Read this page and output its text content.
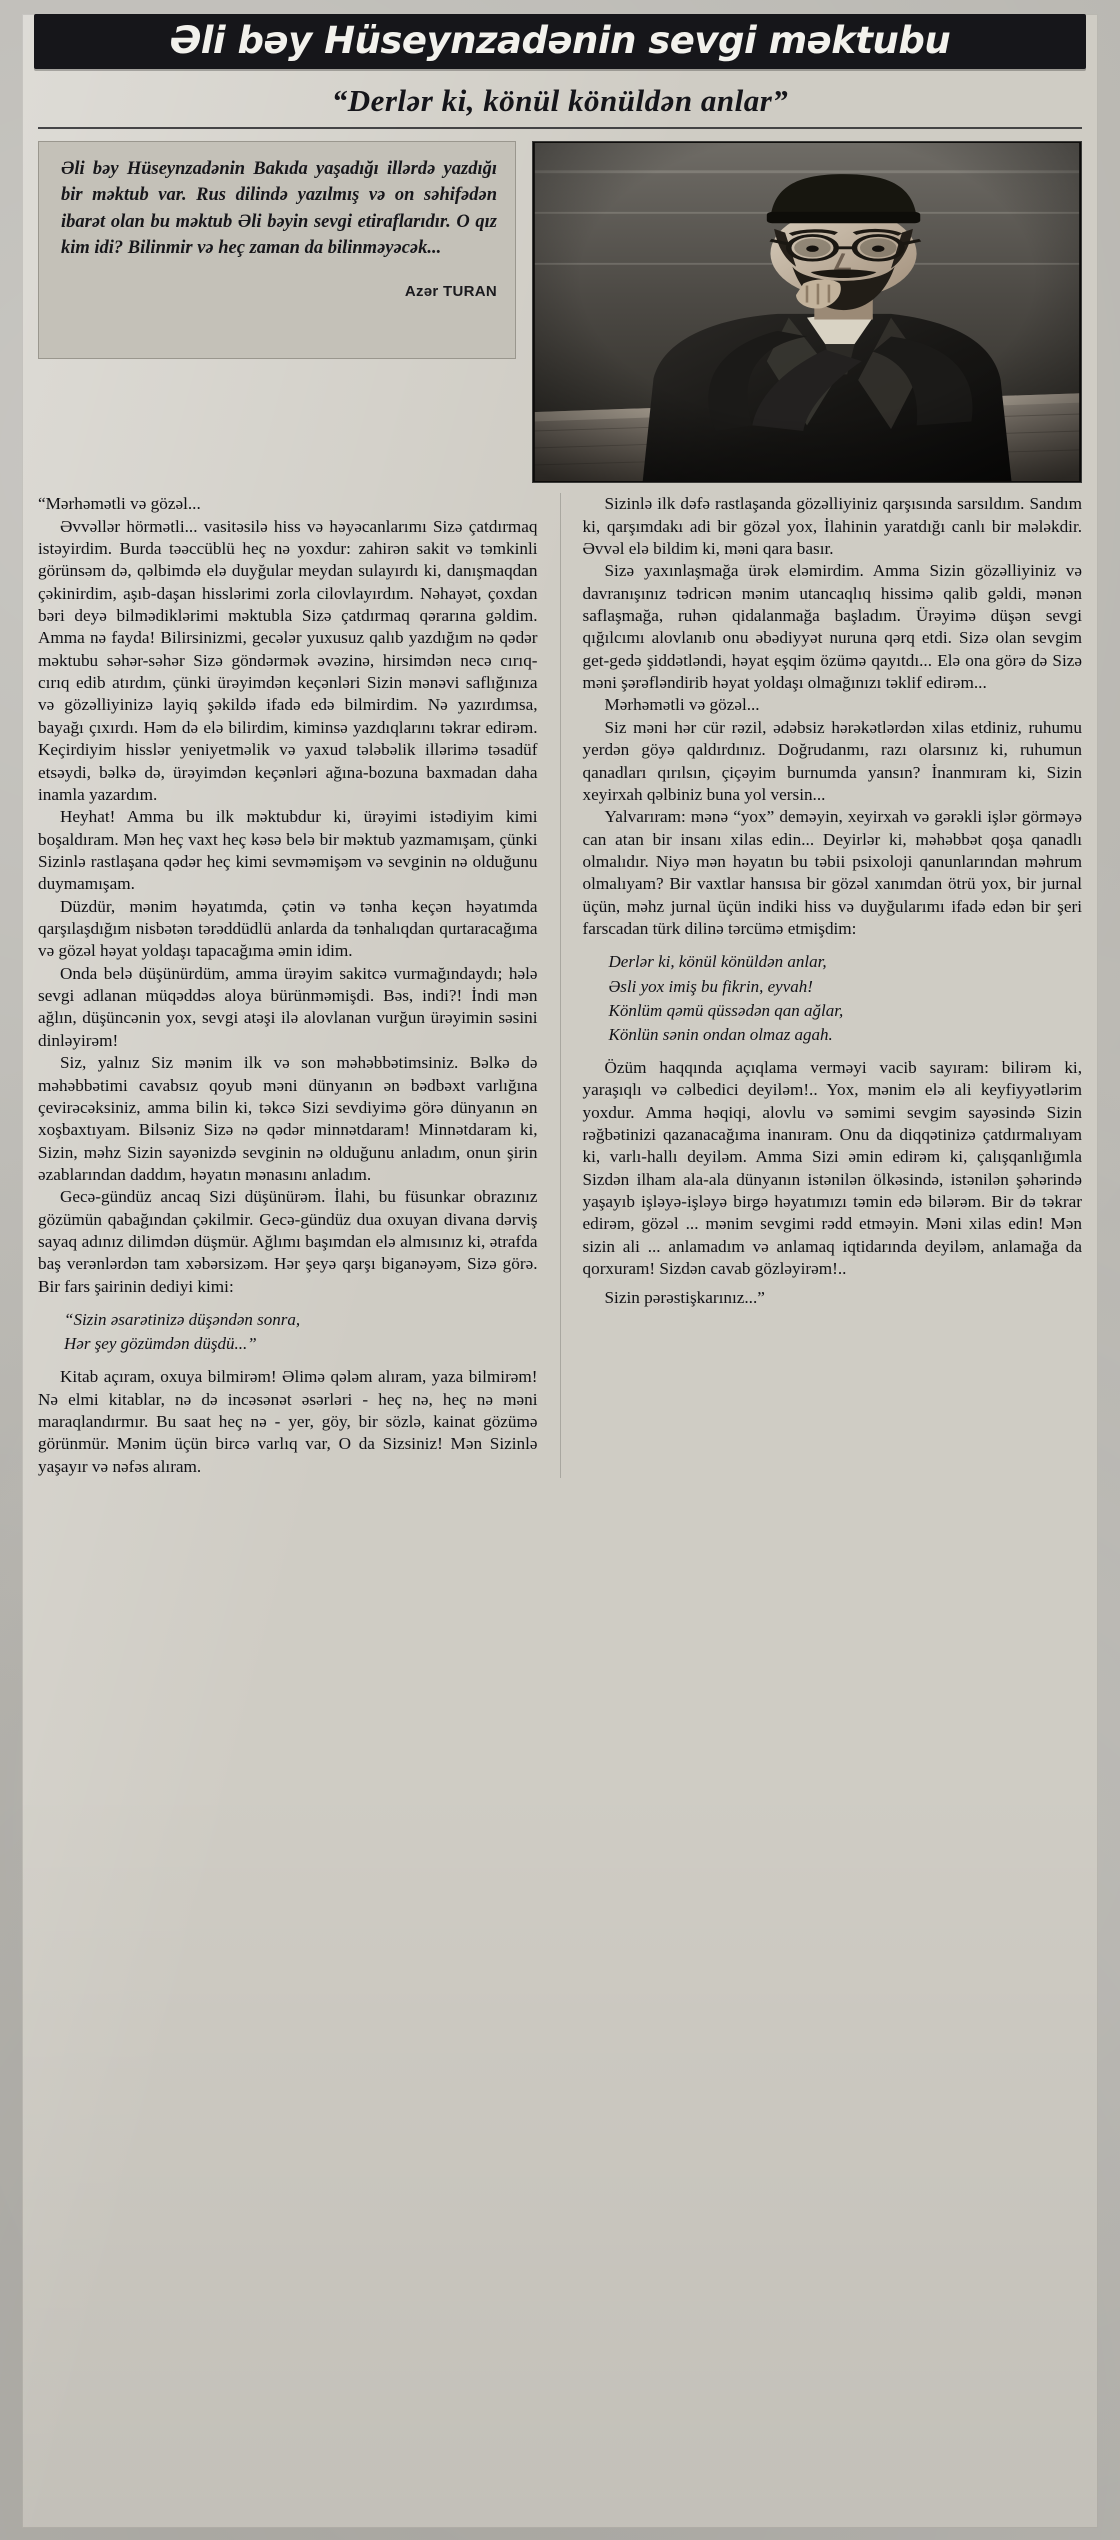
Əli bəy Hüseynzadənin sevgi məktubu
“Derlər ki, könül könüldən anlar”

Əli bəy Hüseynzadənin Bakıda yaşadığı illərdə yazdığı bir məktub var. Rus dilində yazılmış və on səhifədən ibarət olan bu məktub Əli bəyin sevgi etiraflarıdır. O qız kim idi? Bilinmir və heç zaman da bilinməyəcək...

Azər TURAN

“Mərhəmətli və gözəl...

Əvvəllər hörmətli... vasitəsilə hiss və həyəcanlarımı Sizə çatdırmaq istəyirdim. Burda təəccüblü heç nə yoxdur: zahirən sakit və təmkinli görünsəm də, qəlbimdə elə duyğular meydan sulayırdı ki, danışmaqdan çəkinirdim, aşıb-daşan hisslərimi zorla cilovlayırdım. Nəhayət, çoxdan bəri deyə bilmədiklərimi məktubla Sizə çatdırmaq qərarına gəldim. Amma nə fayda! Bilirsinizmi, gecələr yuxusuz qalıb yazdığım nə qədər məktubu səhər-səhər Sizə göndərmək əvəzinə, hirsimdən necə cırıq-cırıq edib atırdım, çünki ürəyimdən keçənləri Sizin mənəvi saflığınıza və gözəlliyinizə layiq şəkildə ifadə edə bilmirdim. Nə yazırdımsa, bayağı çıxırdı. Həm də elə bilirdim, kiminsə yazdıqlarını təkrar edirəm. Keçirdiyim hisslər yeniyetməlik və yaxud tələbəlik illərimə təsadüf etsəydi, bəlkə də, ürəyimdən keçənləri ağına-bozuna baxmadan daha inamla yazardım.

Heyhat! Amma bu ilk məktubdur ki, ürəyimi istədiyim kimi boşaldıram. Mən heç vaxt heç kəsə belə bir məktub yazmamışam, çünki Sizinlə rastlaşana qədər heç kimi sevməmişəm və sevginin nə olduğunu duymamışam.

Düzdür, mənim həyatımda, çətin və tənha keçən həyatımda qarşılaşdığım nisbətən tərəddüdlü anlarda da tənhalıqdan qurtaracağıma və gözəl həyat yoldaşı tapacağıma əmin idim.

Onda belə düşünürdüm, amma ürəyim sakitcə vurmağındaydı; hələ sevgi adlanan müqəddəs aloya bürünməmişdi. Bəs, indi?! İndi mən ağlın, düşüncənin yox, sevgi atəşi ilə alovlanan vurğun ürəyimin səsini dinləyirəm!

Siz, yalnız Siz mənim ilk və son məhəbbətimsiniz. Bəlkə də məhəbbətimi cavabsız qoyub məni dünyanın ən bədbəxt varlığına çevirəcəksiniz, amma bilin ki, təkcə Sizi sevdiyimə görə dünyanın ən xoşbaxtıyam. Bilsəniz Sizə nə qədər minnətdaram! Minnətdaram ki, Sizin, məhz Sizin sayənizdə sevginin nə olduğunu anladım, onun şirin əzablarından daddım, həyatın mənasını anladım.

Gecə-gündüz ancaq Sizi düşünürəm. İlahi, bu füsunkar obrazınız gözümün qabağından çəkilmir. Gecə-gündüz dua oxuyan divana dərviş sayaq adınız dilimdən düşmür. Ağlımı başımdan elə almısınız ki, ətrafda baş verənlərdən tam xəbərsizəm. Hər şeyə qarşı biganəyəm, Sizə görə. Bir fars şairinin dediyi kimi:

“Sizin əsarətinizə düşəndən sonra,
Hər şey gözümdən düşdü...”

Kitab açıram, oxuya bilmirəm! Əlimə qələm alıram, yaza bilmirəm! Nə elmi kitablar, nə də incəsənət əsərləri - heç nə, heç nə məni maraqlandırmır. Bu saat heç nə - yer, göy, bir sözlə, kainat gözümə görünmür. Mənim üçün bircə varlıq var, O da Sizsiniz! Mən Sizinlə yaşayır və nəfəs alıram.

Sizinlə ilk dəfə rastlaşanda gözəlliyiniz qarşısında sarsıldım. Sandım ki, qarşımdakı adi bir gözəl yox, İlahinin yaratdığı canlı bir mələkdir. Əvvəl elə bildim ki, məni qara basır.

Sizə yaxınlaşmağa ürək eləmirdim. Amma Sizin gözəlliyiniz və davranışınız tədricən mənim utancaqlıq hissimə qalib gəldi, mənən saflaşmağa, ruhən qidalanmağa başladım. Ürəyimə düşən sevgi qığılcımı alovlanıb onu əbədiyyət nuruna qərq etdi. Sizə olan sevgim get-gedə şiddətləndi, həyat eşqim özümə qayıtdı... Elə ona görə də Sizə məni şərəfləndirib həyat yoldaşı olmağınızı təklif edirəm...

Mərhəmətli və gözəl...

Siz məni hər cür rəzil, ədəbsiz hərəkətlərdən xilas etdiniz, ruhumu yerdən göyə qaldırdınız. Doğrudanmı, razı olarsınız ki, ruhumun qanadları qırılsın, çiçəyim burnumda yansın? İnanmıram ki, Sizin xeyirxah qəlbiniz buna yol versin...

Yalvarıram: mənə “yox” deməyin, xeyirxah və gərəkli işlər görməyə can atan bir insanı xilas edin... Deyirlər ki, məhəbbət qoşa qanadlı olmalıdır. Niyə mən həyatın bu təbii psixoloji qanunlarından məhrum olmalıyam? Bir vaxtlar hansısa bir gözəl xanımdan ötrü yox, bir jurnal üçün, məhz jurnal üçün indiki hiss və duyğularımı ifadə edən bir şeri farscadan türk dilinə tərcümə etmişdim:

Derlər ki, könül könüldən anlar,
Əsli yox imiş bu fikrin, eyvah!
Könlüm qəmü qüssədən qan ağlar,
Könlün sənin ondan olmaz agah.

Özüm haqqında açıqlama verməyi vacib sayıram: bilirəm ki, yaraşıqlı və cəlbedici deyiləm!.. Yox, mənim elə ali keyfiyyətlərim yoxdur. Amma həqiqi, alovlu və səmimi sevgim sayəsində Sizin rəğbətinizi qazanacağıma inanıram. Onu da diqqətinizə çatdırmalıyam ki, varlı-hallı deyiləm. Amma Sizi əmin edirəm ki, çalışqanlığımla Sizdən ilham ala-ala dünyanın istənilən ölkəsində, istənilən şəhərində yaşayıb işləyə-işləyə birgə həyatımızı təmin edə bilərəm. Bir də təkrar edirəm, gözəl ... mənim sevgimi rədd etməyin. Məni xilas edin! Mən sizin ali ... anlamadım və anlamaq iqtidarında deyiləm, anlamağa da qorxuram! Sizdən cavab gözləyirəm!..

Sizin pərəstişkarınız...”
